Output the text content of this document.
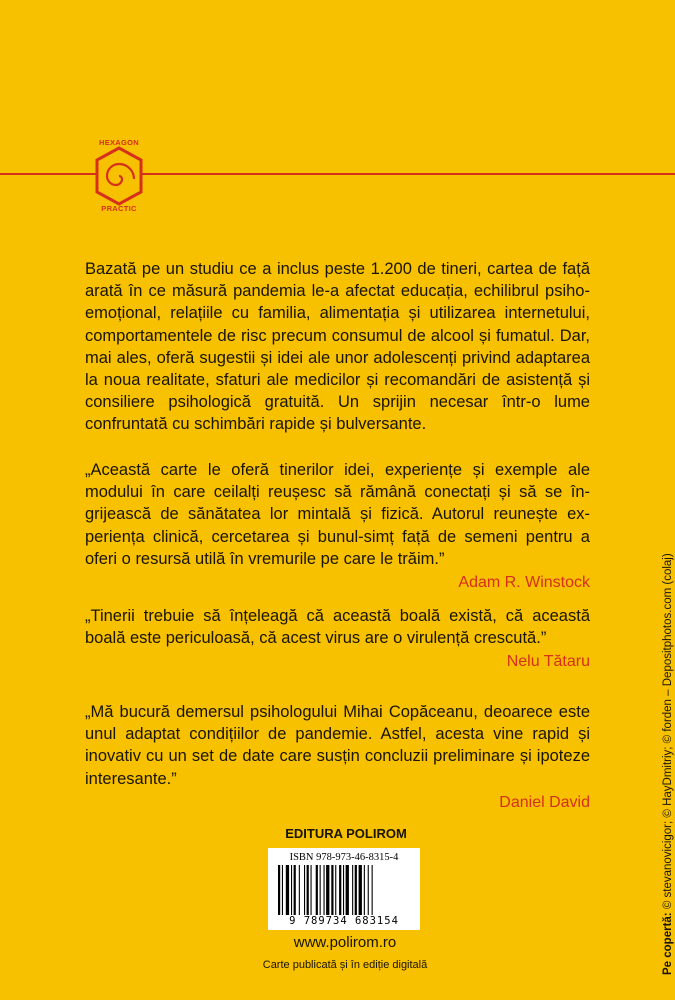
HEXAGON
PRACTIC

Bazată pe un studiu ce a inclus peste 1.200 de tineri, cartea de față arată în ce măsură pandemia le-a afectat educația, echilibrul psihoemoțional, relațiile cu familia, alimentația și utilizarea internetului, comportamentele de risc precum consumul de alcool și fumatul. Dar, mai ales, oferă sugestii și idei ale unor adolescenți privind adaptarea la noua realitate, sfaturi ale medicilor și recomandări de asistență și consiliere psihologică gratuită. Un sprijin necesar într-o lume confruntată cu schimbări rapide și bulversante.

„Această carte le oferă tinerilor idei, experiențe și exemple ale modului în care ceilalți reușesc să rămână conectați și să se îngrijească de sănătatea lor mintală și fizică. Autorul reunește experiența clinică, cercetarea și bunul-simț față de semeni pentru a oferi o resursă utilă în vremurile pe care le trăim.”

Adam R. Winstock

„Tinerii trebuie să înțeleagă că această boală există, că această boală este periculoasă, că acest virus are o virulență crescută.”

Nelu Tătaru

„Mă bucură demersul psihologului Mihai Copăceanu, deoarece este unul adaptat condițiilor de pandemie. Astfel, acesta vine rapid și inovativ cu un set de date care susțin concluzii preliminare și ipoteze interesante.”

Daniel David
EDITURA POLIROM
ISBN 978-973-46-8315-4
9 789734 683154
www.polirom.ro
Carte publicată și în ediție digitală	Pe copertă: © stevanovicigor; © HayDmitriy; © forden – Depositphotos.com (colaj)
